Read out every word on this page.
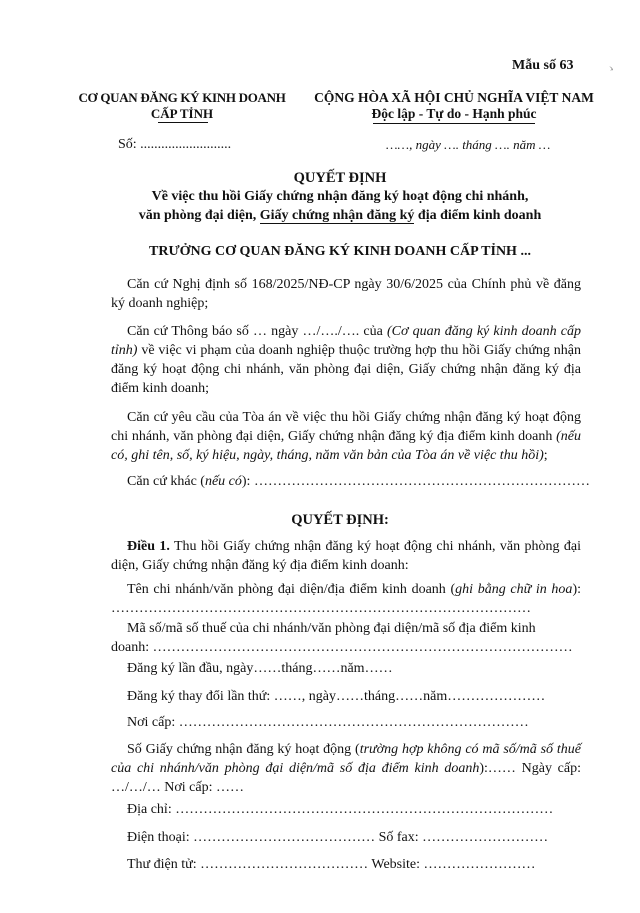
Mẫu số 63	ゝ
CƠ QUAN ĐĂNG KÝ KINH DOANH
CẤP TỈNH
CỘNG HÒA XÃ HỘI CHỦ NGHĨA VIỆT NAM
Độc lập - Tự do - Hạnh phúc
Số: ..........................	……, ngày …. tháng …. năm …
QUYẾT ĐỊNH
Về việc thu hồi Giấy chứng nhận đăng ký hoạt động chi nhánh,
văn phòng đại diện, Giấy chứng nhận đăng ký địa điểm kinh doanh
TRƯỞNG CƠ QUAN ĐĂNG KÝ KINH DOANH CẤP TỈNH ...
Căn cứ Nghị định số 168/2025/NĐ-CP ngày 30/6/2025 của Chính phủ về đăng ký doanh nghiệp;
Căn cứ Thông báo số … ngày …/…./…. của (Cơ quan đăng ký kinh doanh cấp tỉnh) về việc vi phạm của doanh nghiệp thuộc trường hợp thu hồi Giấy chứng nhận đăng ký hoạt động chi nhánh, văn phòng đại diện, Giấy chứng nhận đăng ký địa điểm kinh doanh;
Căn cứ yêu cầu của Tòa án về việc thu hồi Giấy chứng nhận đăng ký hoạt động chi nhánh, văn phòng đại diện, Giấy chứng nhận đăng ký địa điểm kinh doanh (nếu có, ghi tên, số, ký hiệu, ngày, tháng, năm văn bản của Tòa án về việc thu hồi);
Căn cứ khác (nếu có): ………………………………………………………………
QUYẾT ĐỊNH:
Điều 1. Thu hồi Giấy chứng nhận đăng ký hoạt động chi nhánh, văn phòng đại diện, Giấy chứng nhận đăng ký địa điểm kinh doanh:
Tên chi nhánh/văn phòng đại diện/địa điểm kinh doanh (ghi bằng chữ in hoa): ………………………………………………………………………………
Mã số/mã số thuế của chi nhánh/văn phòng đại diện/mã số địa điểm kinh
doanh: ………………………………………………………………………………
Đăng ký lần đầu, ngày……tháng……năm……
Đăng ký thay đổi lần thứ: ……, ngày……tháng……năm…………………
Nơi cấp: …………………………………………………………………
Số Giấy chứng nhận đăng ký hoạt động (trường hợp không có mã số/mã số thuế của chi nhánh/văn phòng đại diện/mã số địa điểm kinh doanh):…… Ngày cấp: …/…/… Nơi cấp: ……
Địa chỉ: ………………………………………………………………………
Điện thoại: ………………………………… Số fax: ………………………
Thư điện tử: ……………………………… Website: ……………………
